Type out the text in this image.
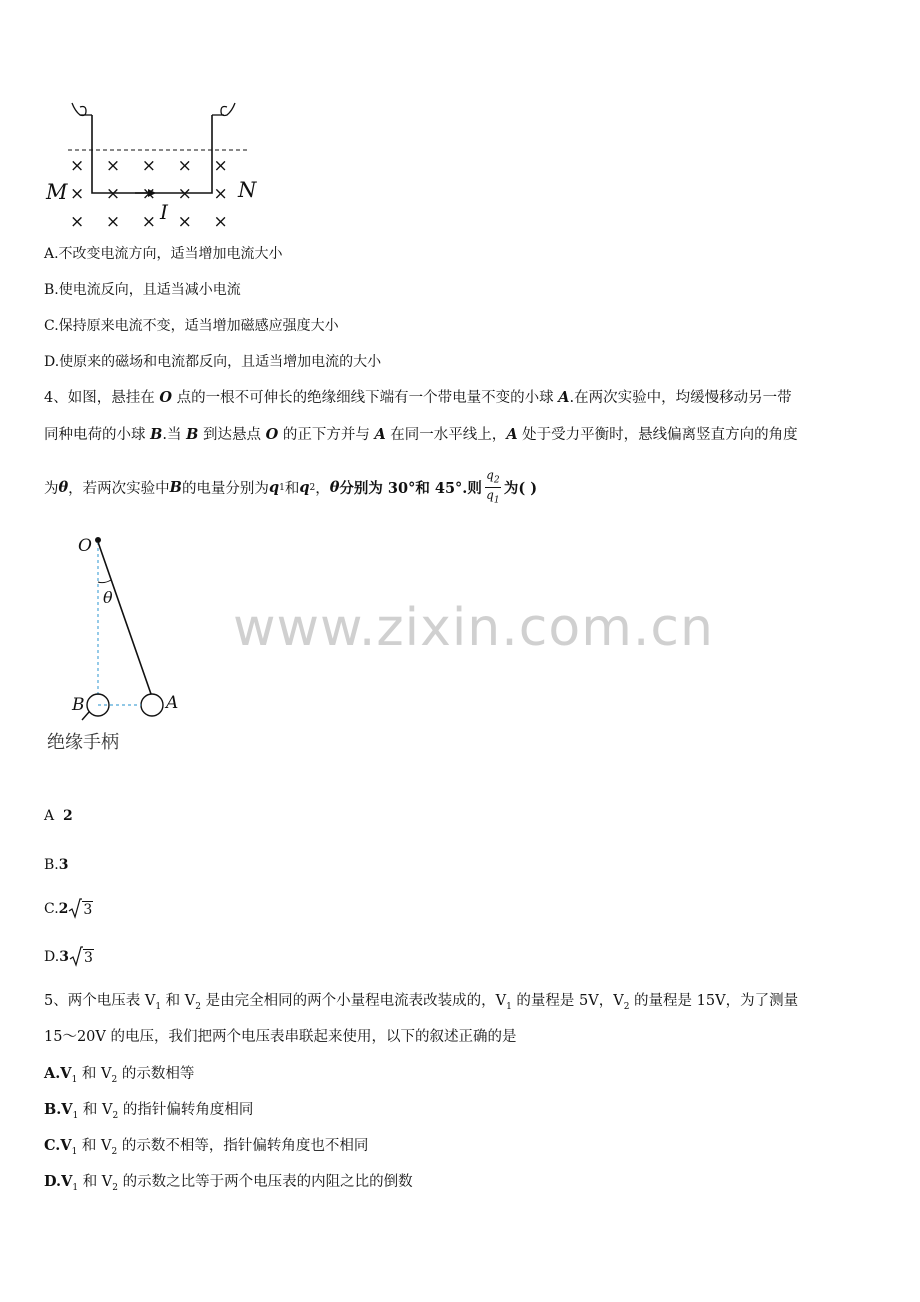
× × × × ×
× × × × ×
× × × × ×
M	N
I
A.不改变电流方向，适当增加电流大小
B.使电流反向，且适当减小电流
C.保持原来电流不变，适当增加磁感应强度大小
D.使原来的磁场和电流都反向，且适当增加电流的大小
4、如图，悬挂在 O 点的一根不可伸长的绝缘细线下端有一个带电量不变的小球 A.在两次实验中，均缓慢移动另一带
同种电荷的小球 B.当 B 到达悬点 O 的正下方并与 A 在同一水平线上，A 处于受力平衡时，悬线偏离竖直方向的角度
为 θ ，若两次实验中 B 的电量分别为 q 1 和 q 2 ， θ 分别为 30°和 45°.则 $\frac{q_2}{q_1}$ 为( )
O
θ
B	A
绝缘手柄
www.zixin.com.cn
A 2
B.3
C. 2 3
D. 3 3
5、两个电压表 $V_1$ 和 $V_2$ 是由完全相同的两个小量程电流表改装成的，$V_1$ 的量程是 5V，$V_2$ 的量程是 15V，为了测量
15～20V 的电压，我们把两个电压表串联起来使用，以下的叙述正确的是
$A.V_1$ 和 $V_2$ 的示数相等
$B.V_1$ 和 $V_2$ 的指针偏转角度相同
$C.V_1$ 和 $V_2$ 的示数不相等，指针偏转角度也不相同
$D.V_1$ 和 $V_2$ 的示数之比等于两个电压表的内阻之比的倒数
